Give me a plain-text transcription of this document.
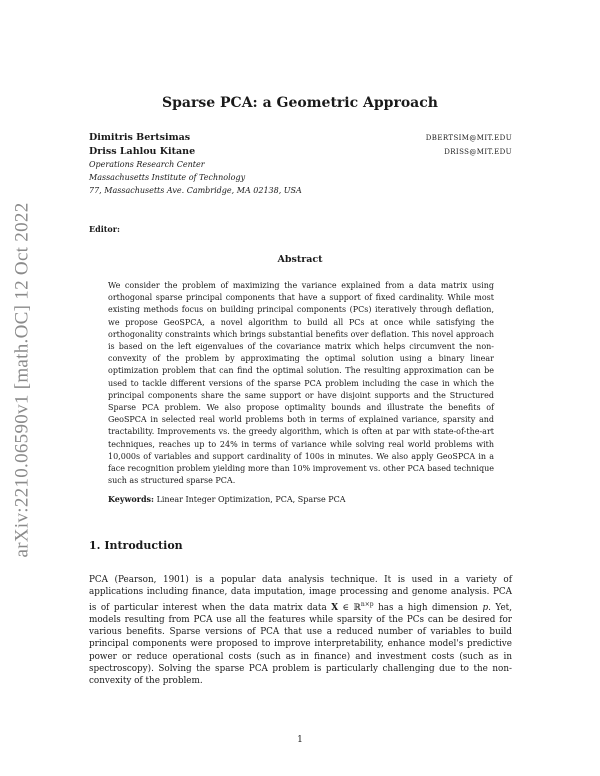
arXiv:2210.06590v1 [math.OC] 12 Oct 2022
Sparse PCA: a Geometric Approach
Dimitris Bertsimas	DBERTSIM@MIT.EDU
Driss Lahlou Kitane	DRISS@MIT.EDU
Operations Research Center
Massachusetts Institute of Technology
77, Massachusetts Ave. Cambridge, MA 02138, USA
Editor:
Abstract

We consider the problem of maximizing the variance explained from a data matrix using orthogonal sparse principal components that have a support of fixed cardinality. While most existing methods focus on building principal components (PCs) iteratively through deflation, we propose GeoSPCA, a novel algorithm to build all PCs at once while satisfying the orthogonality constraints which brings substantial benefits over deflation. This novel approach is based on the left eigenvalues of the covariance matrix which helps circumvent the non-convexity of the problem by approximating the optimal solution using a binary linear optimization problem that can find the optimal solution. The resulting approximation can be used to tackle different versions of the sparse PCA problem including the case in which the principal components share the same support or have disjoint supports and the Structured Sparse PCA problem. We also propose optimality bounds and illustrate the benefits of GeoSPCA in selected real world problems both in terms of explained variance, sparsity and tractability. Improvements vs. the greedy algorithm, which is often at par with state-of-the-art techniques, reaches up to 24% in terms of variance while solving real world problems with 10,000s of variables and support cardinality of 100s in minutes. We also apply GeoSPCA in a face recognition problem yielding more than 10% improvement vs. other PCA based technique such as structured sparse PCA.

Keywords: Linear Integer Optimization, PCA, Sparse PCA
1. Introduction

PCA (Pearson, 1901) is a popular data analysis technique. It is used in a variety of applications including finance, data imputation, image processing and genome analysis. PCA is of particular interest when the data matrix data X ∈ ℝ$^{n\times p}$ has a high dimension p. Yet, models resulting from PCA use all the features while sparsity of the PCs can be desired for various benefits. Sparse versions of PCA that use a reduced number of variables to build principal components were proposed to improve interpretability, enhance model's predictive power or reduce operational costs (such as in finance) and investment costs (such as in spectroscopy). Solving the sparse PCA problem is particularly challenging due to the non-convexity of the problem.

1
